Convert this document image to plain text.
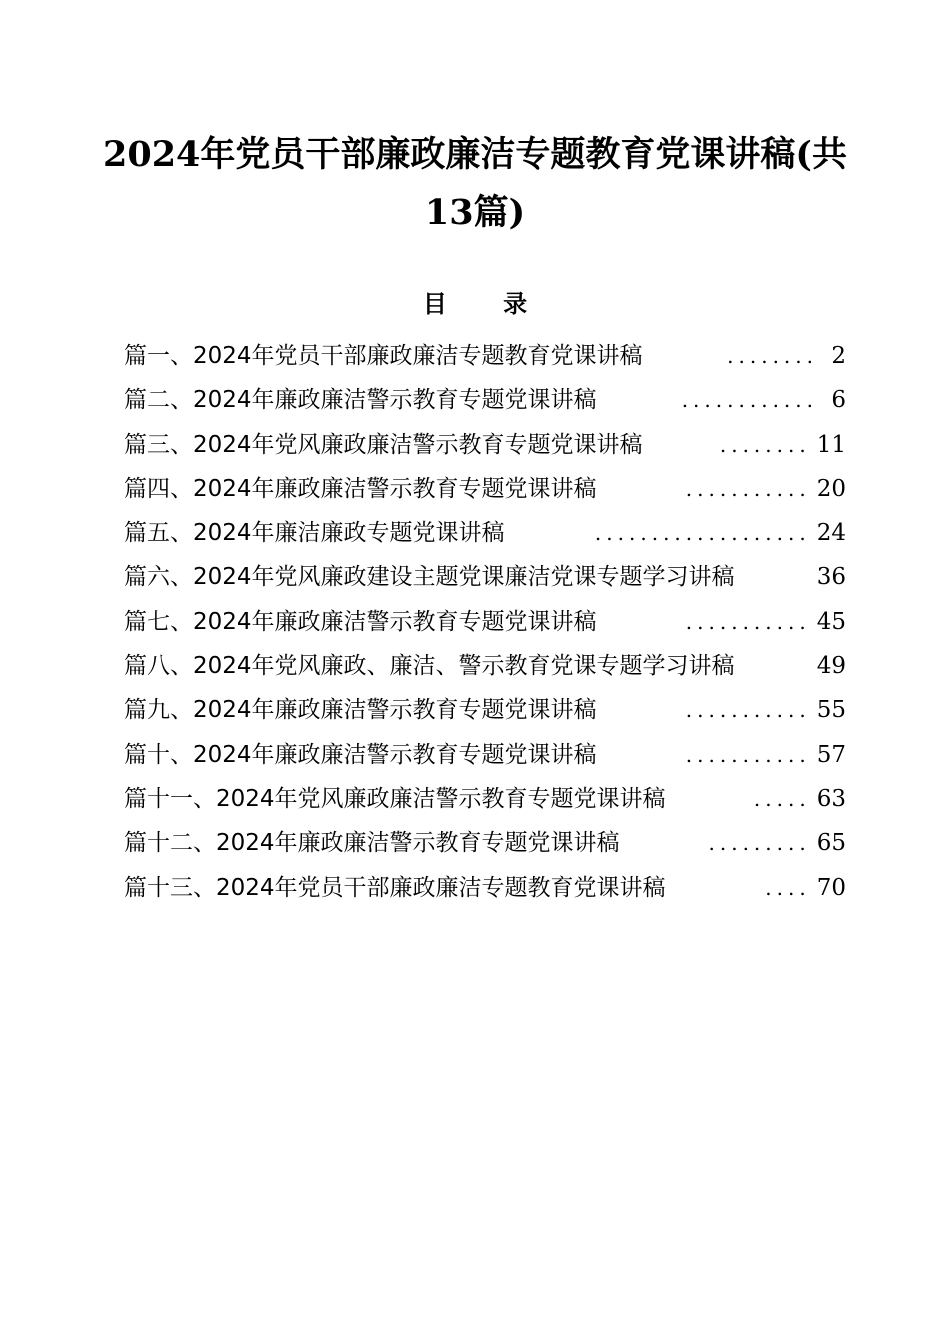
2024年党员干部廉政廉洁专题教育党课讲稿(共
13篇)
目 录
篇一、2024年党员干部廉政廉洁专题教育党课讲稿	........ 2
篇二、2024年廉政廉洁警示教育专题党课讲稿	............ 6
篇三、2024年党风廉政廉洁警示教育专题党课讲稿	........ 11
篇四、2024年廉政廉洁警示教育专题党课讲稿	........... 20
篇五、2024年廉洁廉政专题党课讲稿	................... 24
篇六、2024年党风廉政建设主题党课廉洁党课专题学习讲稿	36
篇七、2024年廉政廉洁警示教育专题党课讲稿	........... 45
篇八、2024年党风廉政、廉洁、警示教育党课专题学习讲稿	49
篇九、2024年廉政廉洁警示教育专题党课讲稿	........... 55
篇十、2024年廉政廉洁警示教育专题党课讲稿	........... 57
篇十一、2024年党风廉政廉洁警示教育专题党课讲稿	..... 63
篇十二、2024年廉政廉洁警示教育专题党课讲稿	......... 65
篇十三、2024年党员干部廉政廉洁专题教育党课讲稿	.... 70
